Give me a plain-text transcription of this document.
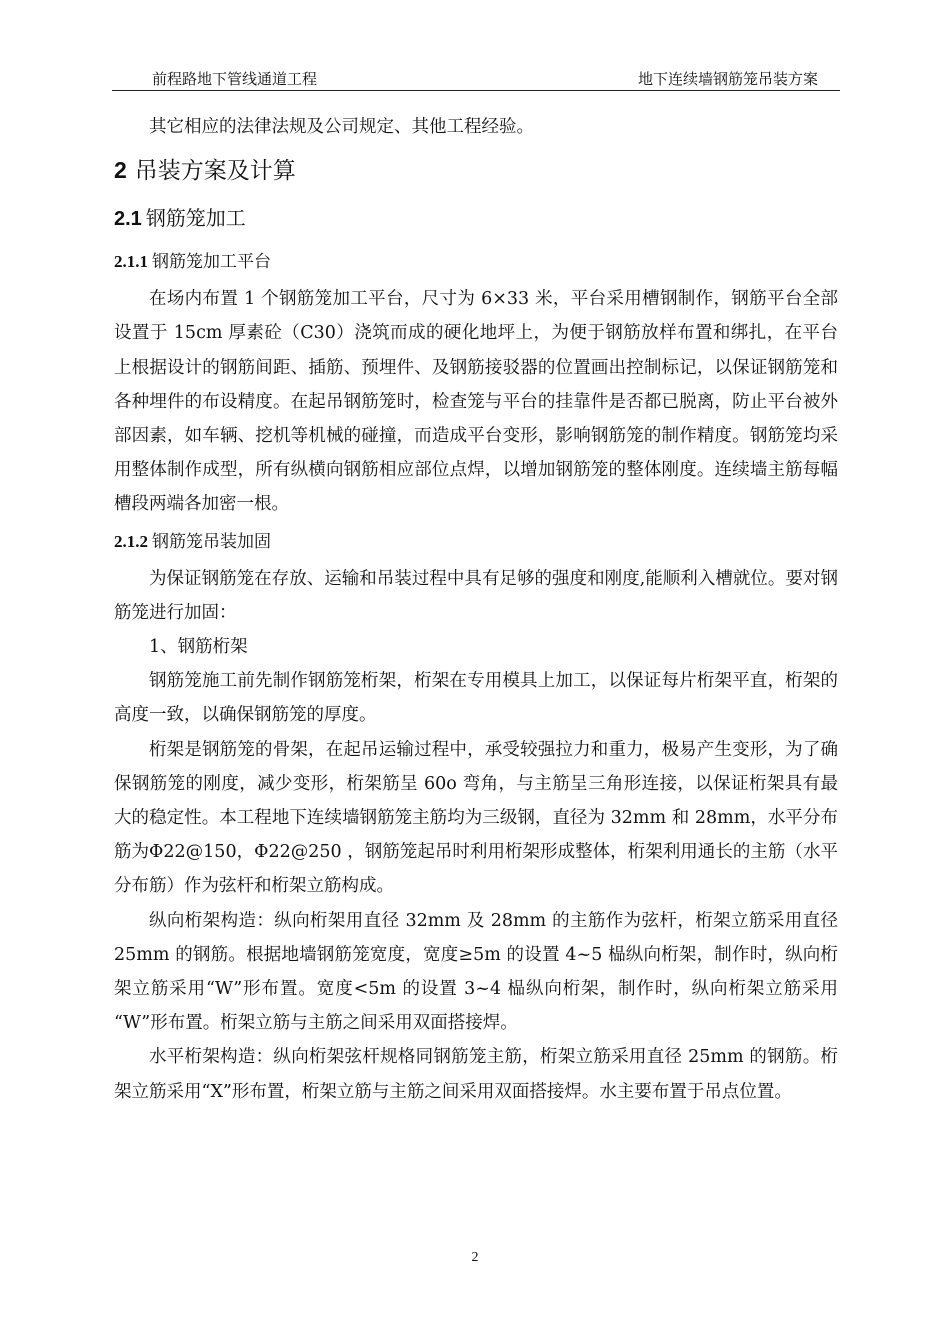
前程路地下管线通道工程	地下连续墙钢筋笼吊装方案

其它相应的法律法规及公司规定、其他工程经验。

2 吊装方案及计算
2.1 钢筋笼加工
2.1.1 钢筋笼加工平台

在场内布置 1 个钢筋笼加工平台，尺寸为 6×33 米，平台采用槽钢制作，钢筋平台全部设置于 15cm 厚素砼（C30）浇筑而成的硬化地坪上，为便于钢筋放样布置和绑扎，在平台上根据设计的钢筋间距、插筋、预埋件、及钢筋接驳器的位置画出控制标记，以保证钢筋笼和各种埋件的布设精度。在起吊钢筋笼时，检查笼与平台的挂靠件是否都已脱离，防止平台被外部因素，如车辆、挖机等机械的碰撞，而造成平台变形，影响钢筋笼的制作精度。钢筋笼均采用整体制作成型，所有纵横向钢筋相应部位点焊，以增加钢筋笼的整体刚度。连续墙主筋每幅槽段两端各加密一根。

2.1.2 钢筋笼吊装加固

为保证钢筋笼在存放、运输和吊装过程中具有足够的强度和刚度,能顺利入槽就位。要对钢筋笼进行加固：

1、钢筋桁架

钢筋笼施工前先制作钢筋笼桁架，桁架在专用模具上加工，以保证每片桁架平直，桁架的高度一致，以确保钢筋笼的厚度。

桁架是钢筋笼的骨架，在起吊运输过程中，承受较强拉力和重力，极易产生变形，为了确保钢筋笼的刚度，减少变形，桁架筋呈 60o 弯角，与主筋呈三角形连接，以保证桁架具有最大的稳定性。本工程地下连续墙钢筋笼主筋均为三级钢，直径为 32mm 和 28mm，水平分布筋为Φ22@150，Φ22@250 ，钢筋笼起吊时利用桁架形成整体，桁架利用通长的主筋（水平分布筋）作为弦杆和桁架立筋构成。

纵向桁架构造：纵向桁架用直径 32mm 及 28mm 的主筋作为弦杆，桁架立筋采用直径 25mm 的钢筋。根据地墙钢筋笼宽度，宽度≥5m 的设置 4~5 榀纵向桁架，制作时，纵向桁架立筋采用“W”形布置。宽度<5m 的设置 3~4 榀纵向桁架，制作时，纵向桁架立筋采用 “W”形布置。桁架立筋与主筋之间采用双面搭接焊。

水平桁架构造：纵向桁架弦杆规格同钢筋笼主筋，桁架立筋采用直径 25mm 的钢筋。桁架立筋采用“X”形布置，桁架立筋与主筋之间采用双面搭接焊。水主要布置于吊点位置。

2
